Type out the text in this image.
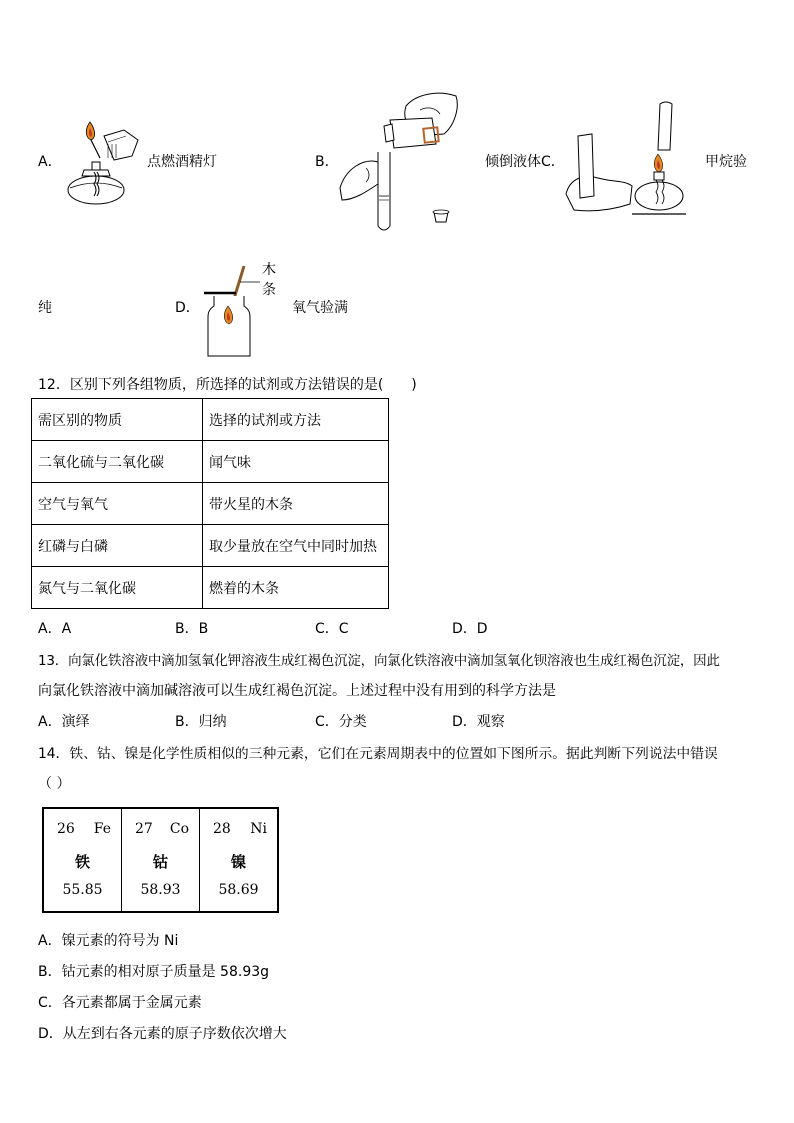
A．	点燃酒精灯	B．	倾倒液体 C．	甲烷验
纯	D．
木
条
氧气验满
12．区别下列各组物质，所选择的试剂或方法错误的是(　　)
需区别的物质	选择的试剂或方法
二氧化硫与二氧化碳	闻气味
空气与氧气	带火星的木条
红磷与白磷	取少量放在空气中同时加热
氮气与二氧化碳	燃着的木条
A．A	B．B	C．C	D．D
13．向氯化铁溶液中滴加氢氧化钾溶液生成红褐色沉淀，向氯化铁溶液中滴加氢氧化钡溶液也生成红褐色沉淀，因此
向氯化铁溶液中滴加碱溶液可以生成红褐色沉淀。上述过程中没有用到的科学方法是
A．演绎	B．归纳	C．分类	D．观察
14．铁、钴、镍是化学性质相似的三种元素，它们在元素周期表中的位置如下图所示。据此判断下列说法中错误
（ ）
26 Fe
铁
55.85

27 Co
钴
58.93

28 Ni
镍
58.69
A．镍元素的符号为 Ni
B．钴元素的相对原子质量是 58.93g
C．各元素都属于金属元素
D．从左到右各元素的原子序数依次增大
